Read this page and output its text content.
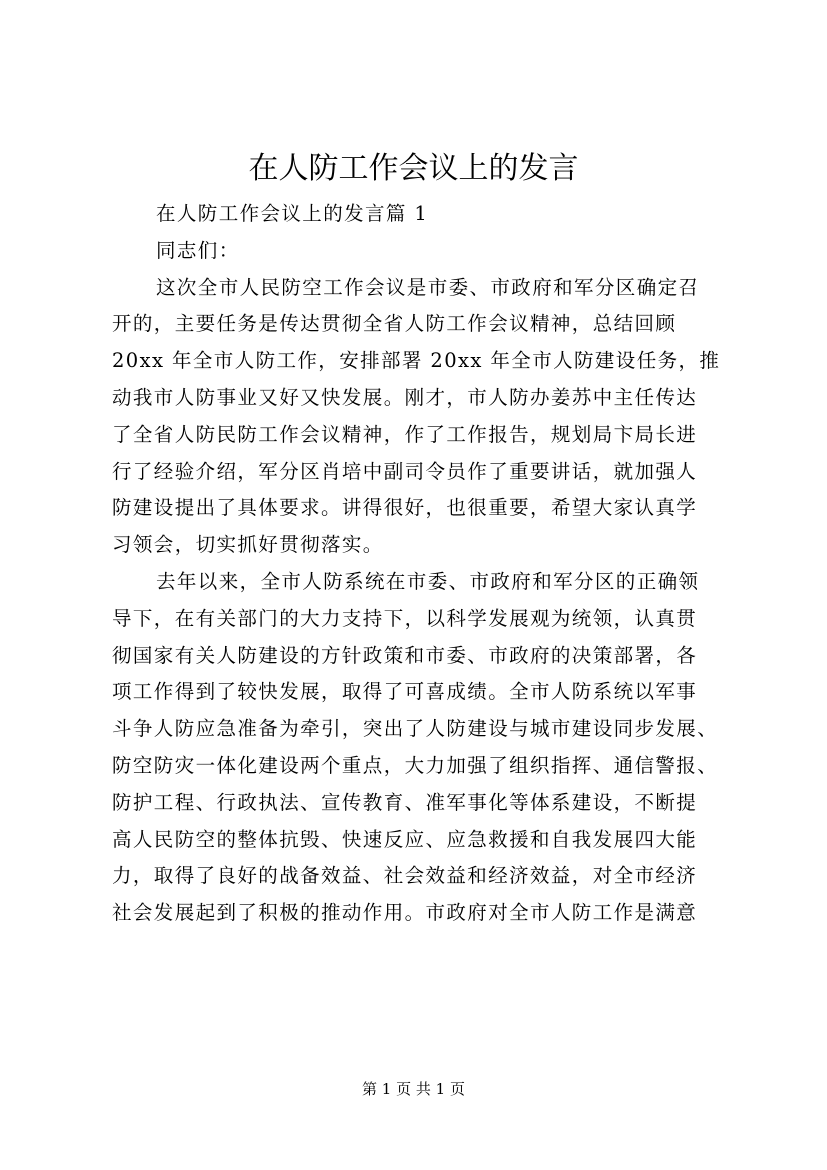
在人防工作会议上的发言
在人防工作会议上的发言篇 1
同志们：
这次全市人民防空工作会议是市委、市政府和军分区确定召
开的，主要任务是传达贯彻全省人防工作会议精神，总结回顾
20xx 年全市人防工作，安排部署 20xx 年全市人防建设任务，推
动我市人防事业又好又快发展。刚才，市人防办姜苏中主任传达
了全省人防民防工作会议精神，作了工作报告，规划局卞局长进
行了经验介绍，军分区肖培中副司令员作了重要讲话，就加强人
防建设提出了具体要求。讲得很好，也很重要，希望大家认真学
习领会，切实抓好贯彻落实。
去年以来，全市人防系统在市委、市政府和军分区的正确领
导下，在有关部门的大力支持下，以科学发展观为统领，认真贯
彻国家有关人防建设的方针政策和市委、市政府的决策部署，各
项工作得到了较快发展，取得了可喜成绩。全市人防系统以军事
斗争人防应急准备为牵引，突出了人防建设与城市建设同步发展、
防空防灾一体化建设两个重点，大力加强了组织指挥、通信警报、
防护工程、行政执法、宣传教育、准军事化等体系建设，不断提
高人民防空的整体抗毁、快速反应、应急救援和自我发展四大能
力，取得了良好的战备效益、社会效益和经济效益，对全市经济
社会发展起到了积极的推动作用。市政府对全市人防工作是满意
第 1 页 共 1 页
